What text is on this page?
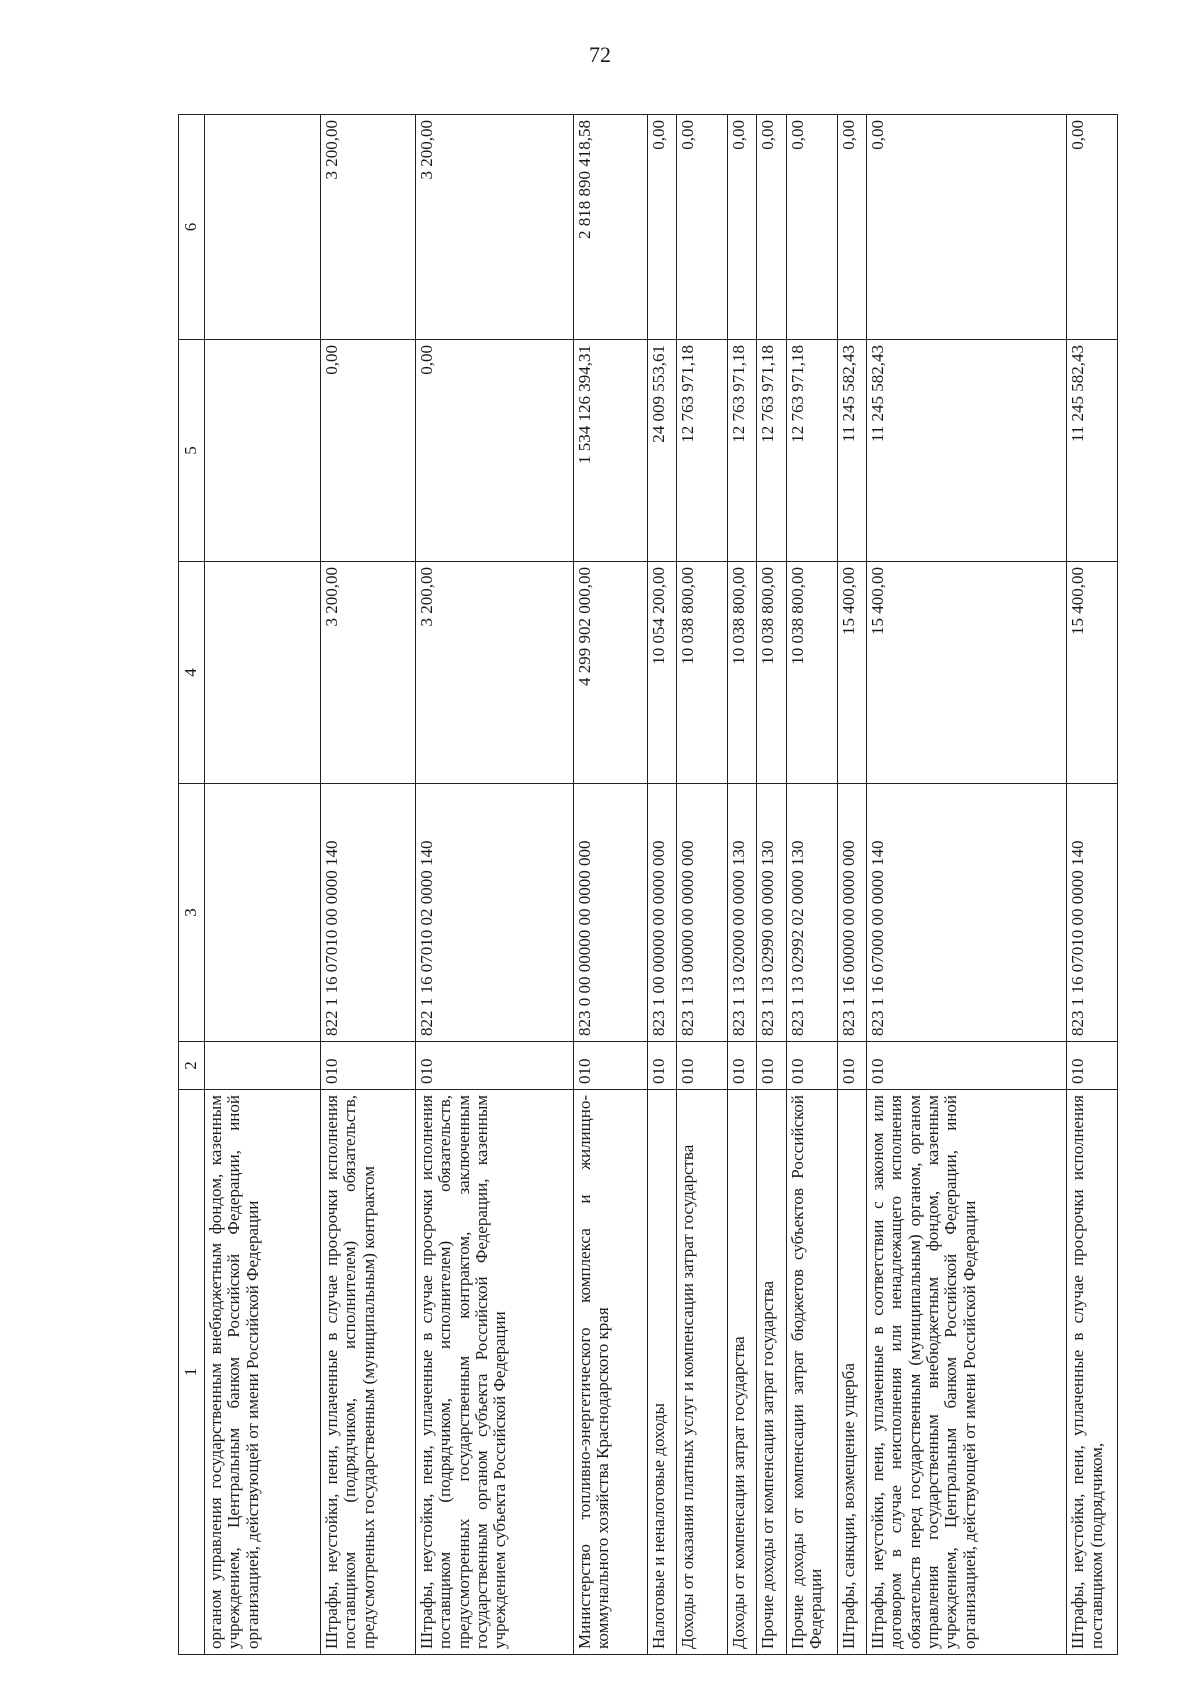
72
1	2	3	4	5	6
органом управления государственным внебюджетным фондом, казенным учреждением, Центральным банком Российской Федерации, иной организацией, действующей от имени Российской Федерации					
Штрафы, неустойки, пени, уплаченные в случае просрочки исполнения поставщиком (подрядчиком, исполнителем) обязательств, предусмотренных государственным (муниципальным) контрактом	010	822 1 16 07010 00 0000 140	3 200,00	0,00	3 200,00
Штрафы, неустойки, пени, уплаченные в случае просрочки исполнения поставщиком (подрядчиком, исполнителем) обязательств, предусмотренных государственным контрактом, заключенным государственным органом субъекта Российской Федерации, казенным учреждением субъекта Российской Федерации	010	822 1 16 07010 02 0000 140	3 200,00	0,00	3 200,00
Министерство топливно-энергетического комплекса и жилищно-коммунального хозяйства Краснодарского края	010	823 0 00 00000 00 0000 000	4 299 902 000,00	1 534 126 394,31	2 818 890 418,58
Налоговые и неналоговые доходы	010	823 1 00 00000 00 0000 000	10 054 200,00	24 009 553,61	0,00
Доходы от оказания платных услуг и компенсации затрат государства	010	823 1 13 00000 00 0000 000	10 038 800,00	12 763 971,18	0,00
Доходы от компенсации затрат государства	010	823 1 13 02000 00 0000 130	10 038 800,00	12 763 971,18	0,00
Прочие доходы от компенсации затрат государства	010	823 1 13 02990 00 0000 130	10 038 800,00	12 763 971,18	0,00
Прочие доходы от компенсации затрат бюджетов субъектов Российской Федерации	010	823 1 13 02992 02 0000 130	10 038 800,00	12 763 971,18	0,00
Штрафы, санкции, возмещение ущерба	010	823 1 16 00000 00 0000 000	15 400,00	11 245 582,43	0,00
Штрафы, неустойки, пени, уплаченные в соответствии с законом или договором в случае неисполнения или ненадлежащего исполнения обязательств перед государственным (муниципальным) органом, органом управления государственным внебюджетным фондом, казенным учреждением, Центральным банком Российской Федерации, иной организацией, действующей от имени Российской Федерации	010	823 1 16 07000 00 0000 140	15 400,00	11 245 582,43	0,00
Штрафы, неустойки, пени, уплаченные в случае просрочки исполнения поставщиком (подрядчиком,	010	823 1 16 07010 00 0000 140	15 400,00	11 245 582,43	0,00
